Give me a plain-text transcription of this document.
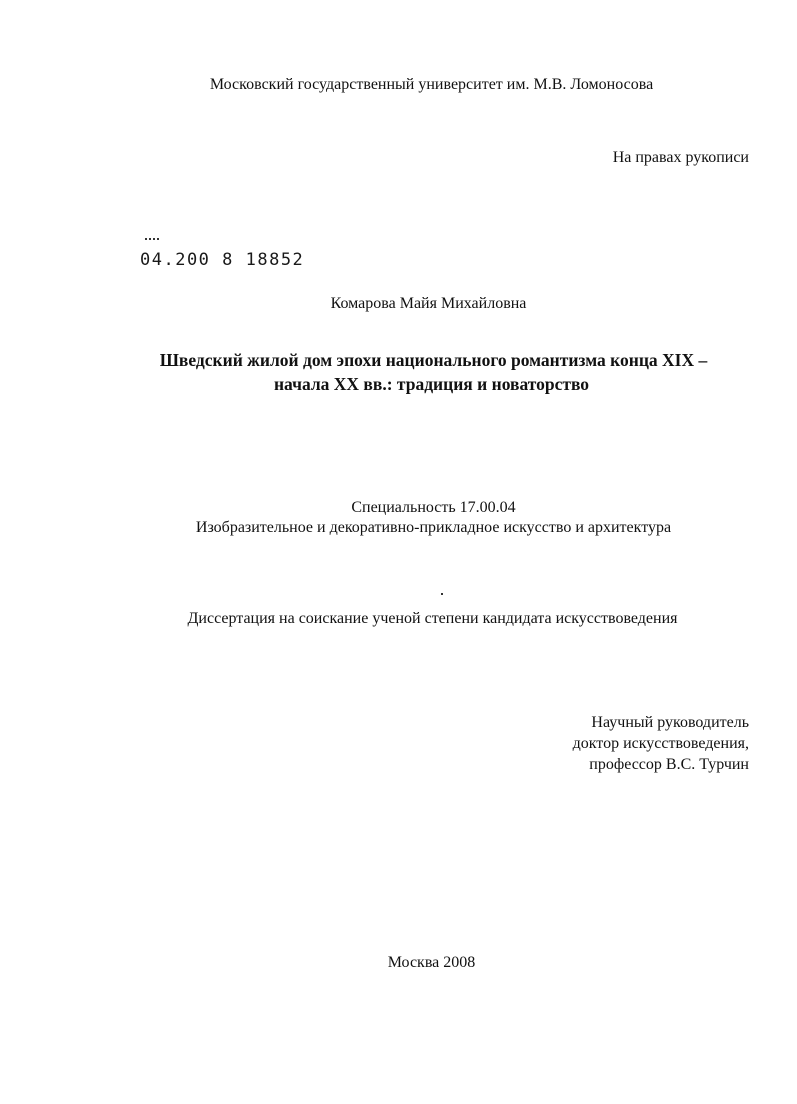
Московский государственный университет им. М.В. Ломоносова
На правах рукописи
04.200 8 18852
Комарова Майя Михайловна
Шведский жилой дом эпохи национального романтизма конца XIX –
начала XX вв.: традиция и новаторство
Специальность 17.00.04
Изобразительное и декоративно-прикладное искусство и архитектура
Диссертация на соискание ученой степени кандидата искусствоведения
Научный руководитель
доктор искусствоведения,
профессор В.С. Турчин
Москва 2008
